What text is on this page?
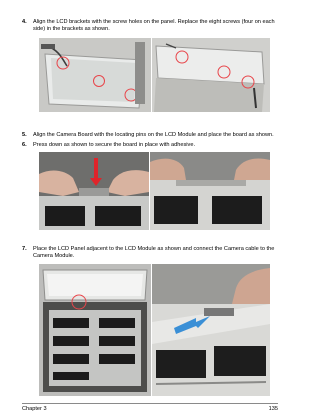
4. Align the LCD brackets with the screw holes on the panel. Replace the eight screws (four on each side) in the brackets as shown.
5. Align the Camera Board with the locating pins on the LCD Module and place the board as shown.
6. Press down as shown to secure the board in place with adhesive.
7. Place the LCD Panel adjacent to the LCD Module as shown and connect the Camera cable to the Camera Module.
Chapter 3	135
